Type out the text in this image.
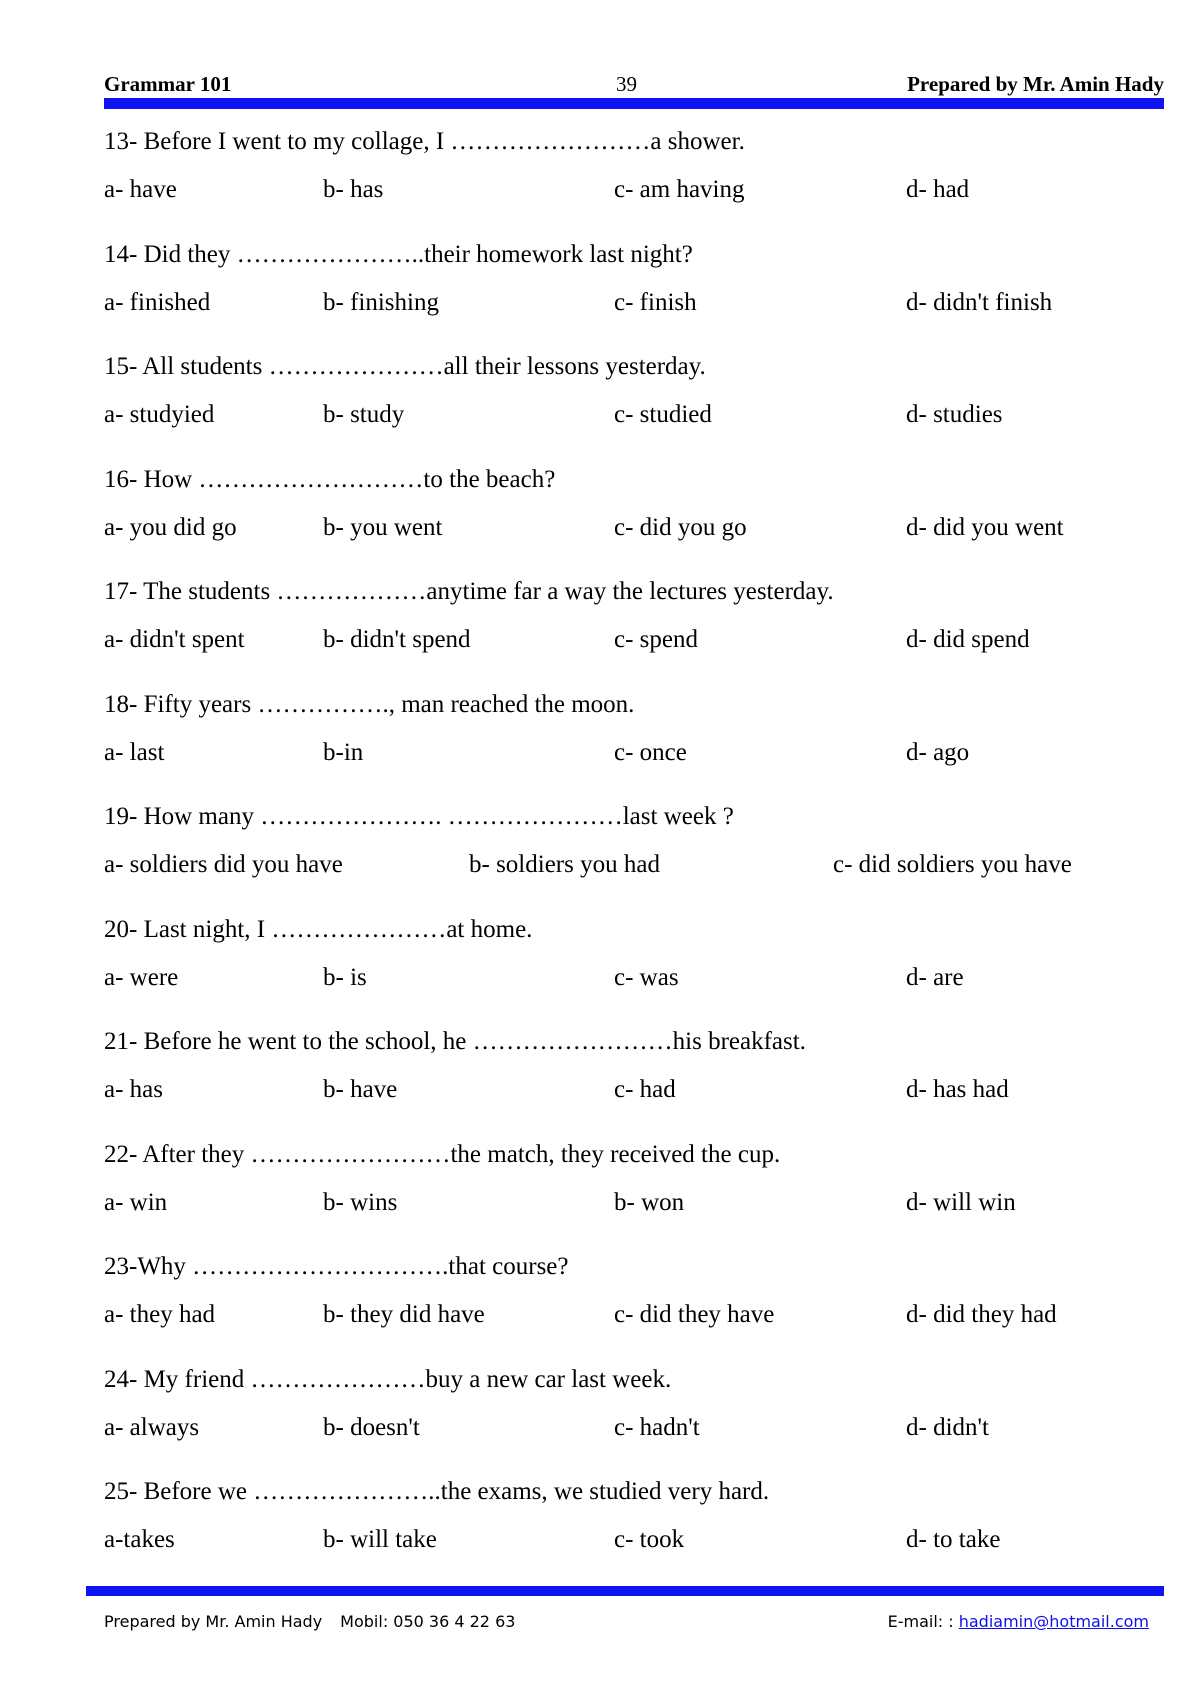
Grammar 101	39	Prepared by Mr. Amin Hady
13- Before I went to my collage, I ……………………a shower.
a- have	b- has	c- am having	d- had
14- Did they …………………..their homework last night?
a- finished	b- finishing	c- finish	d- didn't finish
15- All students …………………all their lessons yesterday.
a- studyied	b- study	c- studied	d- studies
16- How ………………………to the beach?
a- you did go	b- you went	c- did you go	d- did you went
17- The students ………………anytime far a way the lectures yesterday.
a- didn't spent	b- didn't spend	c- spend	d- did spend
18- Fifty years ……………., man reached the moon.
a- last	b-in	c- once	d- ago
19- How many …………………. …………………last week ?
a- soldiers did you have	b- soldiers you had	c- did soldiers you have
20- Last night, I …………………at home.
a- were	b- is	c- was	d- are
21- Before he went to the school, he ……………………his breakfast.
a- has	b- have	c- had	d- has had
22- After they ……………………the match, they received the cup.
a- win	b- wins	b- won	d- will win
23-Why ………………………….that course?
a- they had	b- they did have	c- did they have	d- did they had
24- My friend …………………buy a new car last week.
a- always	b- doesn't	c- hadn't	d- didn't
25- Before we …………………..the exams, we studied very hard.
a-takes	b- will take	c- took	d- to take
Prepared by Mr. Amin Hady Mobil: 050 36 4 22 63	E-mail: : hadiamin@hotmail.com
